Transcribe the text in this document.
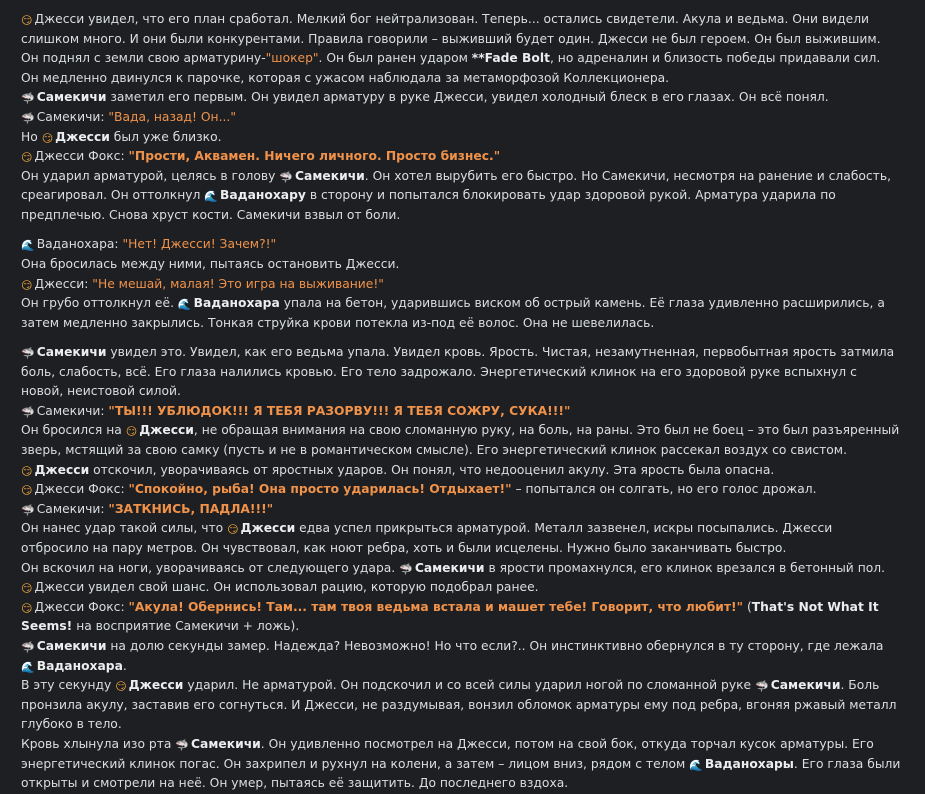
😏 Джесси увидел, что его план сработал. Мелкий бог нейтрализован. Теперь... остались свидетели. Акула и ведьма. Они видели слишком много. И они были конкурентами. Правила говорили – выживший будет один. Джесси не был героем. Он был выжившим.

Он поднял с земли свою арматурину-"шокер". Он был ранен ударом **Fade Bolt, но адреналин и близость победы придавали сил. Он медленно двинулся к парочке, которая с ужасом наблюдала за метаморфозой Коллекционера.

🦈 Самекичи заметил его первым. Он увидел арматуру в руке Джесси, увидел холодный блеск в его глазах. Он всё понял.

🦈 Самекичи: "Вада, назад! Он..."

Но 😏 Джесси был уже близко.

😏 Джесси Фокс: "Прости, Аквамен. Ничего личного. Просто бизнес."

Он ударил арматурой, целясь в голову 🦈 Самекичи. Он хотел вырубить его быстро. Но Самекичи, несмотря на ранение и слабость, среагировал. Он оттолкнул 🌊 Ваданохару в сторону и попытался блокировать удар здоровой рукой. Арматура ударила по предплечью. Снова хруст кости. Самекичи взвыл от боли.

🌊 Ваданохара: "Нет! Джесси! Зачем?!"

Она бросилась между ними, пытаясь остановить Джесси.

😏 Джесси: "Не мешай, малая! Это игра на выживание!"

Он грубо оттолкнул её. 🌊 Ваданохара упала на бетон, ударившись виском об острый камень. Её глаза удивленно расширились, а затем медленно закрылись. Тонкая струйка крови потекла из-под её волос. Она не шевелилась.

🦈 Самекичи увидел это. Увидел, как его ведьма упала. Увидел кровь. Ярость. Чистая, незамутненная, первобытная ярость затмила боль, слабость, всё. Его глаза налились кровью. Его тело задрожало. Энергетический клинок на его здоровой руке вспыхнул с новой, неистовой силой.

🦈 Самекичи: "ТЫ!!! УБЛЮДОК!!! Я ТЕБЯ РАЗОРВУ!!! Я ТЕБЯ СОЖРУ, СУКА!!!"

Он бросился на 😏 Джесси, не обращая внимания на свою сломанную руку, на боль, на раны. Это был не боец – это был разъяренный зверь, мстящий за свою самку (пусть и не в романтическом смысле). Его энергетический клинок рассекал воздух со свистом.

😏 Джесси отскочил, уворачиваясь от яростных ударов. Он понял, что недооценил акулу. Эта ярость была опасна.

😏 Джесси Фокс: "Спокойно, рыба! Она просто ударилась! Отдыхает!" – попытался он солгать, но его голос дрожал.

🦈 Самекичи: "ЗАТКНИСЬ, ПАДЛА!!!"

Он нанес удар такой силы, что 😏 Джесси едва успел прикрыться арматурой. Металл зазвенел, искры посыпались. Джесси отбросило на пару метров. Он чувствовал, как ноют ребра, хоть и были исцелены. Нужно было заканчивать быстро.

Он вскочил на ноги, уворачиваясь от следующего удара. 🦈 Самекичи в ярости промахнулся, его клинок врезался в бетонный пол.

😏 Джесси увидел свой шанс. Он использовал рацию, которую подобрал ранее.

😏 Джесси Фокс: "Акула! Обернись! Там... там твоя ведьма встала и машет тебе! Говорит, что любит!" (That's Not What It Seems! на восприятие Самекичи + ложь).

🦈 Самекичи на долю секунды замер. Надежда? Невозможно! Но что если?.. Он инстинктивно обернулся в ту сторону, где лежала 🌊 Ваданохара.

В эту секунду 😏 Джесси ударил. Не арматурой. Он подскочил и со всей силы ударил ногой по сломанной руке 🦈 Самекичи. Боль пронзила акулу, заставив его согнуться. И Джесси, не раздумывая, вонзил обломок арматуры ему под ребра, вгоняя ржавый металл глубоко в тело.

Кровь хлынула изо рта 🦈 Самекичи. Он удивленно посмотрел на Джесси, потом на свой бок, откуда торчал кусок арматуры. Его энергетический клинок погас. Он захрипел и рухнул на колени, а затем – лицом вниз, рядом с телом 🌊 Ваданохары. Его глаза были открыты и смотрели на неё. Он умер, пытаясь её защитить. До последнего вздоха.
